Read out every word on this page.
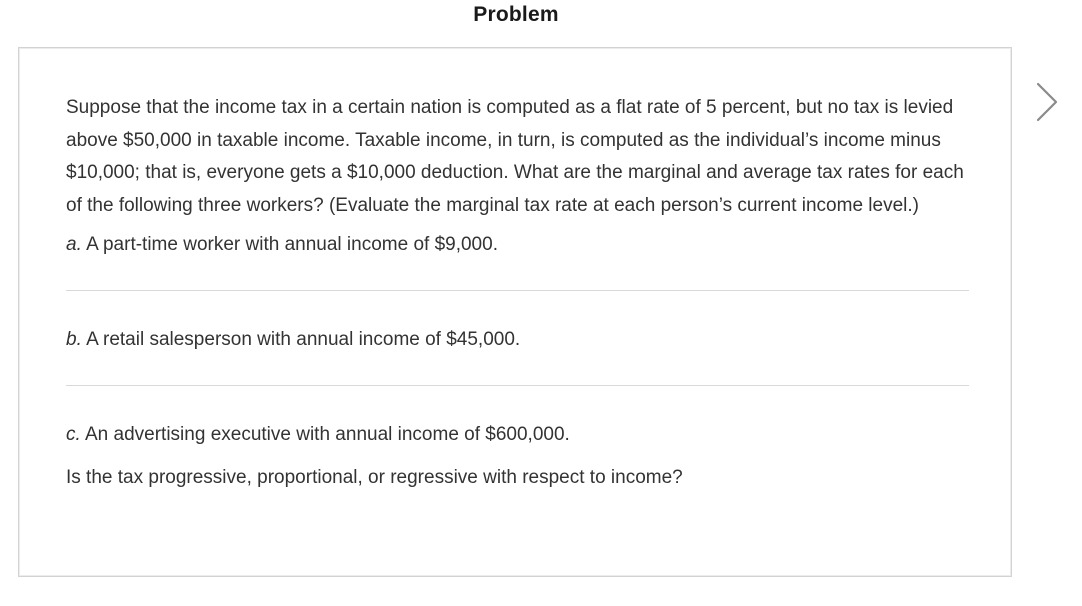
Problem

Suppose that the income tax in a certain nation is computed as a flat rate of 5 percent, but no tax is levied above $50,000 in taxable income. Taxable income, in turn, is computed as the individual’s income minus $10,000; that is, everyone gets a $10,000 deduction. What are the marginal and average tax rates for each of the following three workers? (Evaluate the marginal tax rate at each person’s current income level.)

a. A part-time worker with annual income of $9,000.

b. A retail salesperson with annual income of $45,000.

c. An advertising executive with annual income of $600,000.

Is the tax progressive, proportional, or regressive with respect to income?
